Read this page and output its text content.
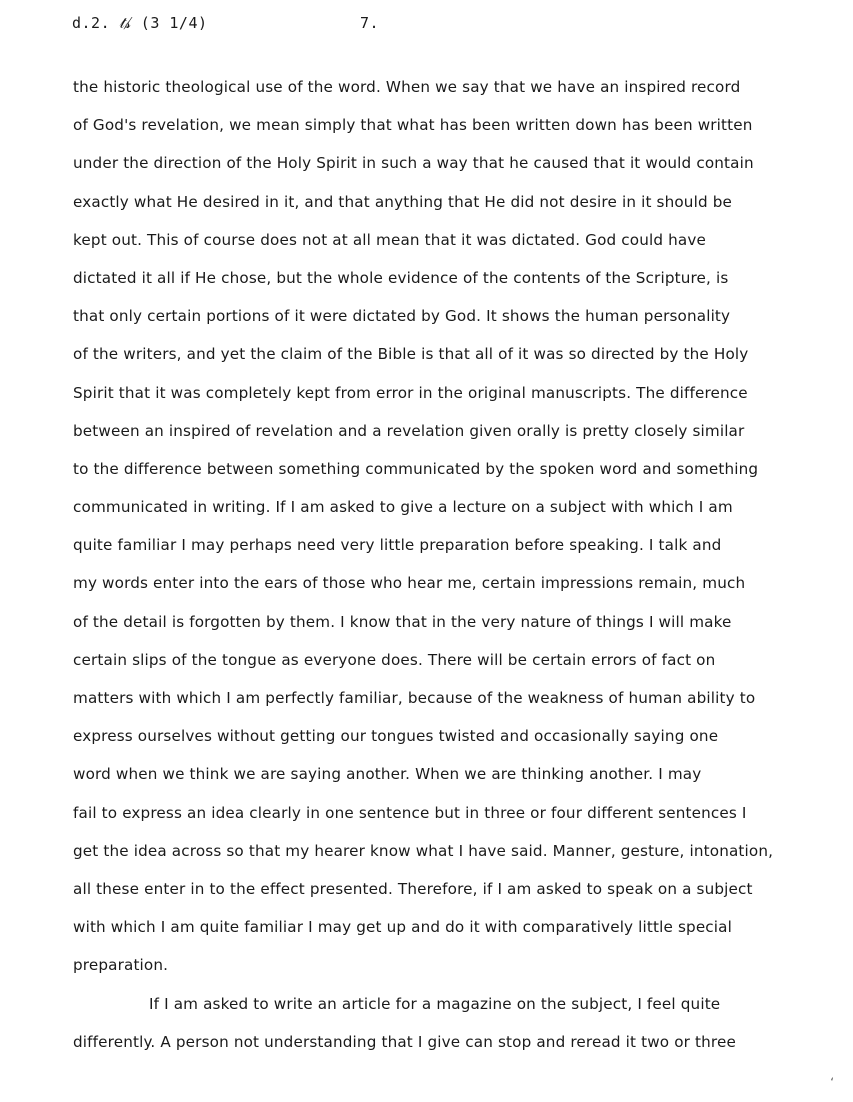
d.2. 𝓉𝓈̸ (3 1/4)	7.
the historic theological use of the word. When we say that we have an inspired record
of God's revelation, we mean simply that what has been written down has been written
under the direction of the Holy Spirit in such a way that he caused that it would contain
exactly what He desired in it, and that anything that He did not desire in it should be
kept out. This of course does not at all mean that it was dictated. God could have
dictated it all if He chose, but the whole evidence of the contents of the Scripture, is
that only certain portions of it were dictated by God. It shows the human personality
of the writers, and yet the claim of the Bible is that all of it was so directed by the Holy
Spirit that it was completely kept from error in the original manuscripts. The difference
between an inspired of revelation and a revelation given orally is pretty closely similar
to the difference between something communicated by the spoken word and something
communicated in writing. If I am asked to give a lecture on a subject with which I am
quite familiar I may perhaps need very little preparation before speaking. I talk and
my words enter into the ears of those who hear me, certain impressions remain, much
of the detail is forgotten by them. I know that in the very nature of things I will make
certain slips of the tongue as everyone does. There will be certain errors of fact on
matters with which I am perfectly familiar, because of the weakness of human ability to
express ourselves without getting our tongues twisted and occasionally saying one
word when we think we are saying another. When we are thinking another. I may
fail to express an idea clearly in one sentence but in three or four different sentences I
get the idea across so that my hearer know what I have said. Manner, gesture, intonation,
all these enter in to the effect presented. Therefore, if I am asked to speak on a subject
with which I am quite familiar I may get up and do it with comparatively little special
preparation.
If I am asked to write an article for a magazine on the subject, I feel quite
differently. A person not understanding that I give can stop and reread it two or three
‘
